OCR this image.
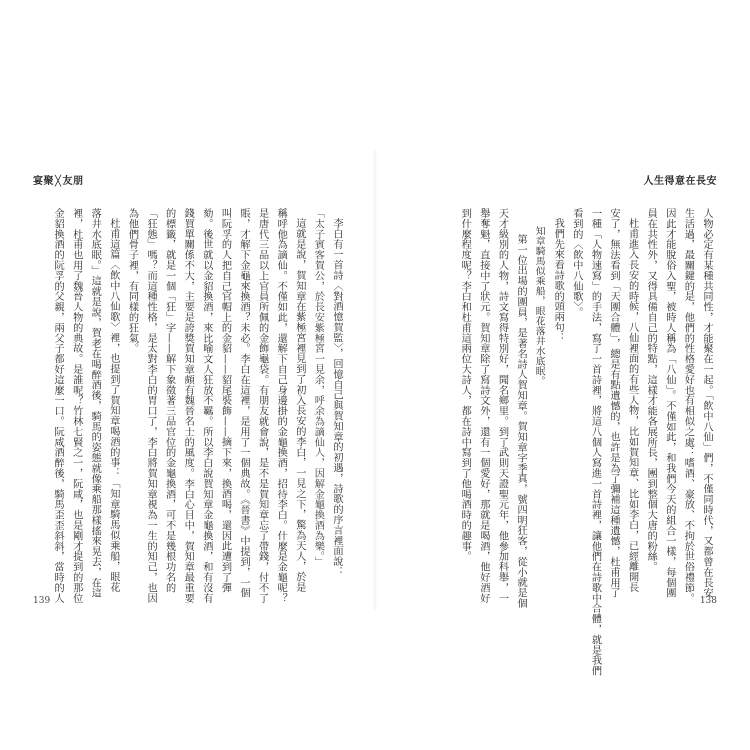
人生得意在長安
138
宴聚╳友朋
139
人物必定有某種共同性，才能聚在一起。「飲中八仙」們，不僅同時代，又都曾在長安
生活過，最關鍵的是，他們的性格愛好也有相似之處：嗜酒、豪放、不拘於世俗禮節。
因此才能脫俗入聖，被時人稱為「八仙」。不僅如此，和我們今天的組合一樣，每個團
員在共性外，又得具備自己的特點，這樣才能各展所長，團到整個大唐的粉絲。
杜甫進入長安的時候，八仙裡面的有些人物，比如賀知章、比如李白，已經離開長
安了，無法看到「天團合體」，總是有點遺憾的，也許是為了彌補這種遺憾，杜甫用了
一種「人物速寫」的手法，寫了一首詩裡，將這八個人寫進一首詩裡，讓他們在詩歌中合體，就是我們
看到的〈飲中八仙歌〉。
我們先來看詩歌的頭兩句：
知章騎馬似乘船，眼花落井水底眠。
第一位出場的團員，是著名詩人賀知章。賀知章字季真，號四明狂客，從小就是個
天才級別的人物，詩文寫得特別好，聞名鄉里。到了武則天證聖元年，他參加科舉，一
舉奪魁，直接中了狀元。賀知章除了寫詩文外，還有一個愛好，那就是喝酒，他好酒好
到什麼程度呢？李白和杜甫這兩位大詩人，都在詩中寫到了他喝酒時的趣事。
李白有一首詩〈對酒憶賀監〉，回憶自己與賀知章的初遇，詩歌的序言裡面說：
「太子賓客賀公，於長安紫極宮一見余，呼余為謫仙人，因解金龜換酒為樂。」
這就是說，賀知章在紫極宮裡見到了初入長安的李白，一見之下，驚為天人，於是
稱呼他為謫仙。不僅如此，還解下自己身邊掛的金龜換酒，招待李白。什麼是金龜呢？
是唐代三品以上官員所佩的金飾龜袋。有朋友就會說，是不是賀知章忘了帶錢，付不了
賬，才解下金龜來換酒？未必。李白在這裡，是用了一個典故。《晉書》中提到，一個
叫阮孚的人把自己官帽上的金貂——貂尾裝飾——摘下來，換酒喝，還因此遭到了彈
劾。後世就以金貂換酒，來比喻文人狂放不羈。所以李白說賀知章金龜換酒，和有沒有
錢買單關係不大，主要是誇獎賀知章頗有魏晉名士的風度。李白心目中，賀知章最重要
的標籤，就是一個「狂」字——解下象徵著三品官位的金龜換酒，可不是幾根功名的
「狂態」嗎？而這種性格，是太對李白的胃口了，李白將賀知章視為一生的知己，也因
為他們骨子裡，有同樣的狂氣。
杜甫這篇〈飲中八仙歌〉裡，也提到了賀知章喝酒的事：「知章騎馬似乘船，眼花
落井水底眠。」這就是說，賀老在喝醉酒後，騎馬的姿態就像乘船那樣搖來晃去，在這
裡，杜甫也用了魏晉人物的典故。是誰呢？竹林七賢之一，阮咸，也是剛才提到的那位
金貂換酒的阮孚的父親，兩父子都好這麼一口。阮咸酒醉後，騎馬歪歪斜斜，當時的人
